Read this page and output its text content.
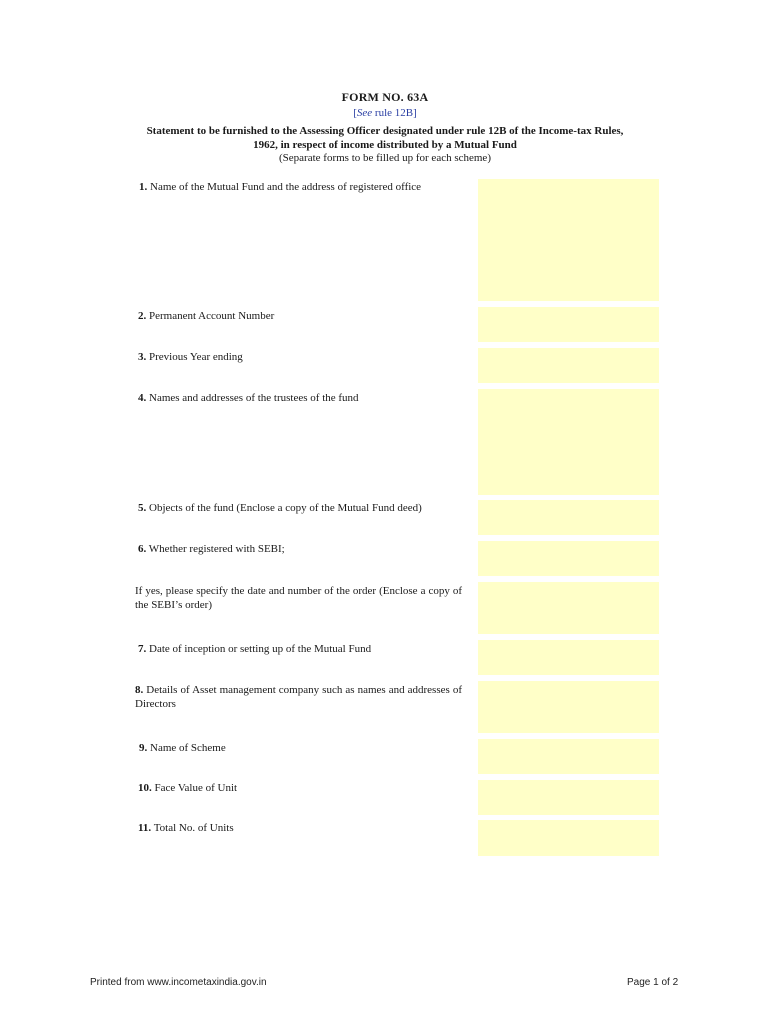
FORM NO. 63A
[See rule 12B]
Statement to be furnished to the Assessing Officer designated under rule 12B of the Income-tax Rules,
1962, in respect of income distributed by a Mutual Fund
(Separate forms to be filled up for each scheme)
1. Name of the Mutual Fund and the address of registered office
2. Permanent Account Number
3. Previous Year ending
4. Names and addresses of the trustees of the fund
5. Objects of the fund (Enclose a copy of the Mutual Fund deed)
6. Whether registered with SEBI;
If yes, please specify the date and number of the order (Enclose a copy of the SEBI’s order)
7. Date of inception or setting up of the Mutual Fund
8. Details of Asset management company such as names and addresses of Directors
9. Name of Scheme
10. Face Value of Unit
11. Total No. of Units
Printed from www.incometaxindia.gov.in	Page 1 of 2
